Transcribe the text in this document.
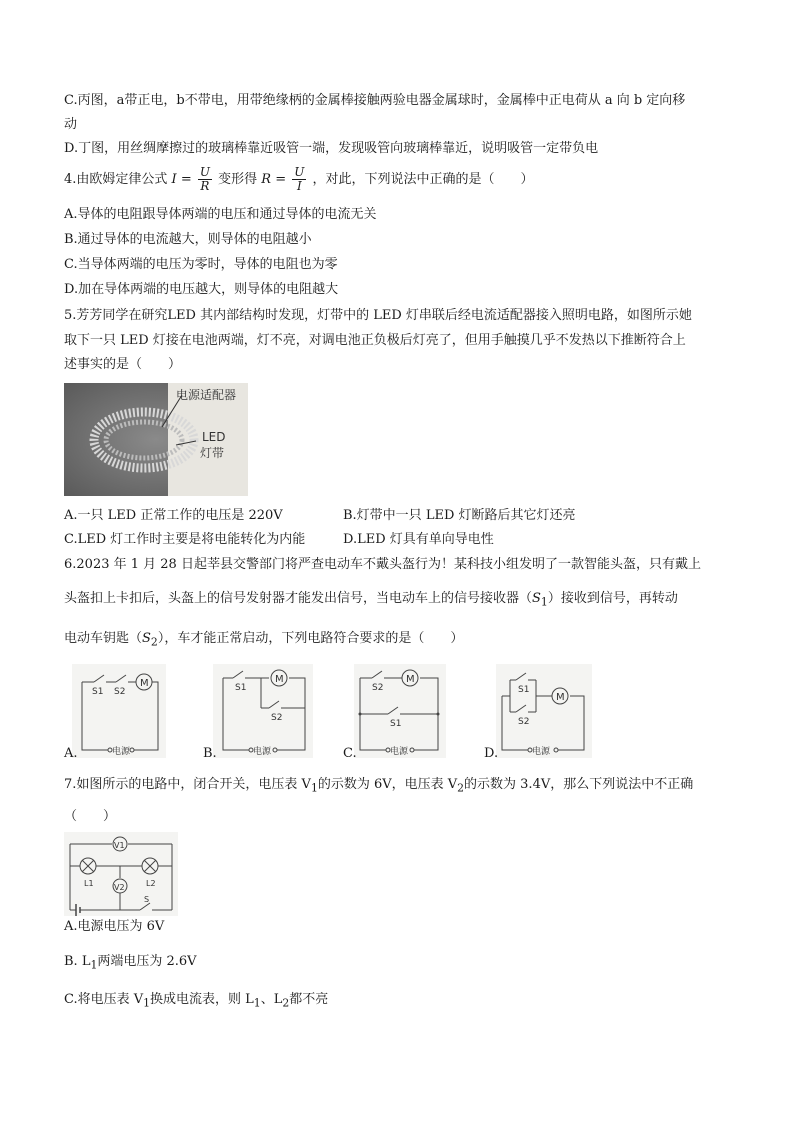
C.丙图，a带正电，b不带电，用带绝缘柄的金属棒接触两验电器金属球时，金属棒中正电荷从 a 向 b 定向移
动
D.丁图，用丝绸摩擦过的玻璃棒靠近吸管一端，发现吸管向玻璃棒靠近，说明吸管一定带负电
4.由欧姆定律公式 $I = \frac{U}{R}$ 变形得 $R = \frac{U}{I}$ ，对此，下列说法中正确的是（　　）
A.导体的电阻跟导体两端的电压和通过导体的电流无关
B.通过导体的电流越大，则导体的电阻越小
C.当导体两端的电压为零时，导体的电阻也为零
D.加在导体两端的电压越大，则导体的电阻越大
5.芳芳同学在研究LED 其内部结构时发现，灯带中的 LED 灯串联后经电流适配器接入照明电路，如图所示她
取下一只 LED 灯接在电池两端，灯不亮，对调电池正负极后灯亮了，但用手触摸几乎不发热以下推断符合上
述事实的是（　　）
电源适配器
LED
灯带
A.一只 LED 正常工作的电压是 220V	B.灯带中一只 LED 灯断路后其它灯还亮
C.LED 灯工作时主要是将电能转化为内能	D.LED 灯具有单向导电性
6.2023 年 1 月 28 日起莘县交警部门将严查电动车不戴头盔行为！某科技小组发明了一款智能头盔，只有戴上
头盔扣上卡扣后，头盔上的信号发射器才能发出信号，当电动车上的信号接收器$(S_1)$接收到信号，再转动
电动车钥匙$(S_2)$，车才能正常启动，下列电路符合要求的是（　　）
M
S1 S2
电源
A.
M
S1
S2
电源
B.
M
S2
S1
电源
C.
S1
S2
M
电源
D.
7.如图所示的电路中，闭合开关，电压表 $V_1$的示数为 6V，电压表 $V_2$的示数为 3.4V，那么下列说法中不正确
（　　）
V1
L1	L2
V2
S
A.电源电压为 6V
B. $L_1$两端电压为 2.6V
C.将电压表 $V_1$换成电流表，则 $L_1$、$L_2$都不亮
